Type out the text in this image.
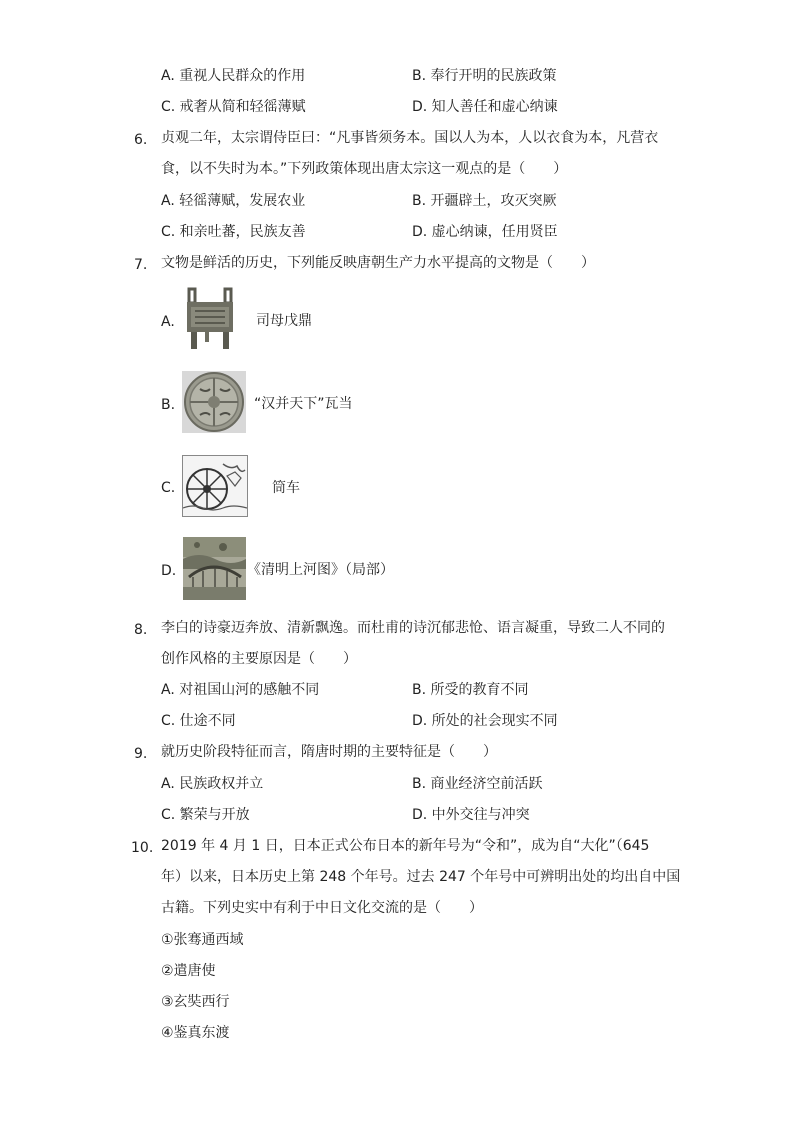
A. 重视人民群众的作用	B. 奉行开明的民族政策
C. 戒奢从简和轻徭薄赋	D. 知人善任和虚心纳谏
6. 贞观二年，太宗谓侍臣曰：“凡事皆须务本。国以人为本，人以衣食为本，凡营衣
食，以不失时为本。”下列政策体现出唐太宗这一观点的是（　　）
A. 轻徭薄赋，发展农业	B. 开疆辟土，攻灭突厥
C. 和亲吐蕃，民族友善	D. 虚心纳谏，任用贤臣
7. 文物是鲜活的历史，下列能反映唐朝生产力水平提高的文物是（　　）
A.	司母戊鼎
B.	“汉并天下”瓦当
C.	筒车
D.	《清明上河图》（局部）
8. 李白的诗豪迈奔放、清新飘逸。而杜甫的诗沉郁悲怆、语言凝重，导致二人不同的
创作风格的主要原因是（　　）
A. 对祖国山河的感触不同	B. 所受的教育不同
C. 仕途不同	D. 所处的社会现实不同
9. 就历史阶段特征而言，隋唐时期的主要特征是（　　）
A. 民族政权并立	B. 商业经济空前活跃
C. 繁荣与开放	D. 中外交往与冲突
10. 2019 年 4 月 1 日，日本正式公布日本的新年号为“令和”，成为自“大化”（645
年）以来，日本历史上第 248 个年号。过去 247 个年号中可辨明出处的均出自中国
古籍。下列史实中有利于中日文化交流的是（　　）
①张骞通西域
②遣唐使
③玄奘西行
④鉴真东渡
